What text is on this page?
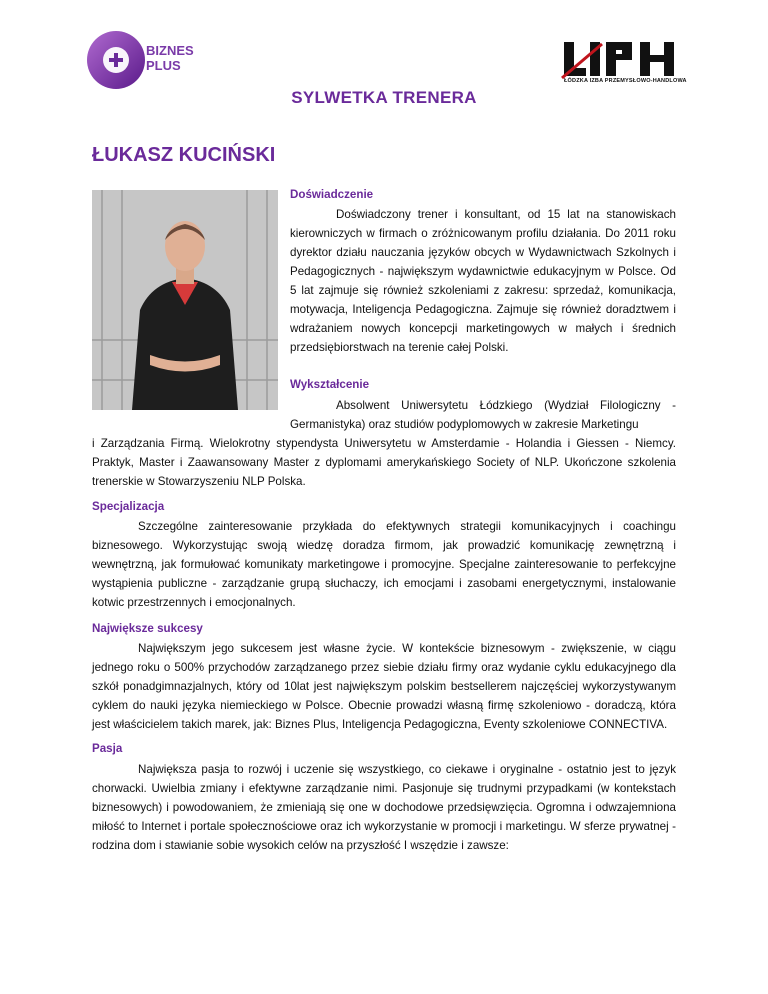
BIZNES
PLUS
ŁÓDZKA IZBA PRZEMYSŁOWO-HANDLOWA
SYLWETKA TRENERA
ŁUKASZ KUCIŃSKI
Doświadczenie
Doświadczony trener i konsultant, od 15 lat na stanowiskach kierowniczych w firmach o zróżnicowanym profilu działania. Do 2011 roku dyrektor działu nauczania języków obcych w Wydawnictwach Szkolnych i Pedagogicznych - największym wydawnictwie edukacyjnym w Polsce. Od 5 lat zajmuje się również szkoleniami z zakresu: sprzedaż, komunikacja, motywacja, Inteligencja Pedagogiczna. Zajmuje się również doradztwem i wdrażaniem nowych koncepcji marketingowych w małych i średnich przedsiębiorstwach na terenie całej Polski.
Wykształcenie
Absolwent Uniwersytetu Łódzkiego (Wydział Filologiczny - Germanistyka) oraz studiów podyplomowych w zakresie Marketingu
i Zarządzania Firmą. Wielokrotny stypendysta Uniwersytetu w Amsterdamie - Holandia i Giessen - Niemcy. Praktyk, Master i Zaawansowany Master z dyplomami amerykańskiego Society of NLP. Ukończone szkolenia trenerskie w Stowarzyszeniu NLP Polska.
Specjalizacja
Szczególne zainteresowanie przykłada do efektywnych strategii komunikacyjnych i coachingu biznesowego. Wykorzystując swoją wiedzę doradza firmom, jak prowadzić komunikację zewnętrzną i wewnętrzną, jak formułować komunikaty marketingowe i promocyjne. Specjalne zainteresowanie to perfekcyjne wystąpienia publiczne - zarządzanie grupą słuchaczy, ich emocjami i zasobami energetycznymi, instalowanie kotwic przestrzennych i emocjonalnych.
Największe sukcesy
Największym jego sukcesem jest własne życie. W kontekście biznesowym - zwiększenie, w ciągu jednego roku o 500% przychodów zarządzanego przez siebie działu firmy oraz wydanie cyklu edukacyjnego dla szkół ponadgimnazjalnych, który od 10lat jest największym polskim bestsellerem najczęściej wykorzystywanym cyklem do nauki języka niemieckiego w Polsce. Obecnie prowadzi własną firmę szkoleniowo - doradczą, która jest właścicielem takich marek, jak: Biznes Plus, Inteligencja Pedagogiczna, Eventy szkoleniowe CONNECTIVA.
Pasja
Największa pasja to rozwój i uczenie się wszystkiego, co ciekawe i oryginalne - ostatnio jest to język chorwacki. Uwielbia zmiany i efektywne zarządzanie nimi. Pasjonuje się trudnymi przypadkami (w kontekstach biznesowych) i powodowaniem, że zmieniają się one w dochodowe przedsięwzięcia. Ogromna i odwzajemniona miłość to Internet i portale społecznościowe oraz ich wykorzystanie w promocji i marketingu. W sferze prywatnej - rodzina dom i stawianie sobie wysokich celów na przyszłość I wszędzie i zawsze:
